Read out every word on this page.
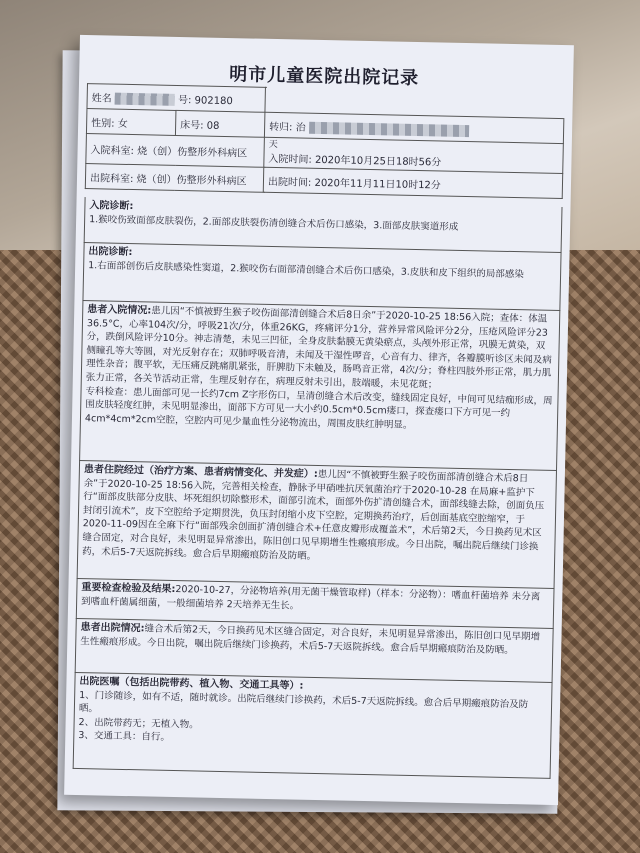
明市儿童医院出院记录
姓名 号: 902180		
性别: 女	床号: 08	转归: 治
入院科室: 烧（创）伤整形外科病区		天
入院时间: 2020年10月25日18时56分
出院科室: 烧（创）伤整形外科病区		出院时间: 2020年11月11日10时12分

入院诊断:

1.猴咬伤致面部皮肤裂伤，2.面部皮肤裂伤清创缝合术后伤口感染，3.面部皮肤窦道形成

出院诊断:

1.右面部创伤后皮肤感染性窦道，2.猴咬伤右面部清创缝合术后伤口感染，3.皮肤和皮下组织的局部感染

患者入院情况:患儿因“不慎被野生猴子咬伤面部清创缝合术后8日余”于2020-10-25 18:56入院；查体：体温36.5°C，心率104次/分，呼吸21次/分，体重26KG，疼痛评分1分，营养异常风险评分2分，压疮风险评分23分，跌倒风险评分10分。神志清楚，未见三凹征，全身皮肤黏膜无黄染瘀点，头颅外形正常，巩膜无黄染，双侧瞳孔等大等圆，对光反射存在；双肺呼吸音清，未闻及干湿性啰音，心音有力、律齐，各瓣膜听诊区未闻及病理性杂音；腹平软，无压痛反跳痛肌紧张，肝脾肋下未触及，肠鸣音正常，4次/分；脊柱四肢外形正常，肌力肌张力正常，各关节活动正常，生理反射存在，病理反射未引出，肢端暖，未见花斑；

专科检查：患儿面部可见一长约7cm Z字形伤口，呈清创缝合术后改变，缝线固定良好，中间可见结痂形成，周围皮肤轻度红肿，未见明显渗出，面部下方可见一大小约0.5cm*0.5cm瘘口，探查瘘口下方可见一约4cm*4cm*2cm空腔，空腔内可见少量血性分泌物流出，周围皮肤红肿明显。

患者住院经过（治疗方案、患者病情变化、并发症）:患儿因“不慎被野生猴子咬伤面部清创缝合术后8日余”于2020-10-25 18:56入院，完善相关检查，静脉予甲硝唑抗厌氧菌治疗于2020-10-28 在局麻+监护下行“面部皮肤部分皮肤、坏死组织切除整形术，面部引流术，面部外伤扩清创缝合术，面部线缝去除，创面负压封闭引流术”，皮下空腔给予定期贯洗，负压封闭缩小皮下空腔，定期换药治疗，后创面基底空腔缩窄，于2020-11-09因在全麻下行“面部残余创面扩清创缝合术+任意皮瓣形成覆盖术”，术后第2天，今日换药见术区缝合固定，对合良好，未见明显异常渗出，陈旧创口见早期增生性瘢痕形成。今日出院，嘱出院后继续门诊换药，术后5-7天返院拆线。愈合后早期瘢痕防治及防晒。

重要检查检验及结果:2020-10-27，分泌物培养(用无菌干燥管取样)（样本：分泌物）：嗜血杆菌培养 未分离到嗜血杆菌属细菌，一般细菌培养 2天培养无生长。

患者出院情况:缝合术后第2天，今日换药见术区缝合固定，对合良好，未见明显异常渗出，陈旧创口见早期增生性瘢痕形成。今日出院，嘱出院后继续门诊换药，术后5-7天返院拆线。愈合后早期瘢痕防治及防晒。

出院医嘱（包括出院带药、植入物、交通工具等）:

1、门诊随诊，如有不适，随时就诊。出院后继续门诊换药，术后5-7天返院拆线。愈合后早期瘢痕防治及防晒。

2、出院带药无；无植入物。

3、交通工具：自行。
